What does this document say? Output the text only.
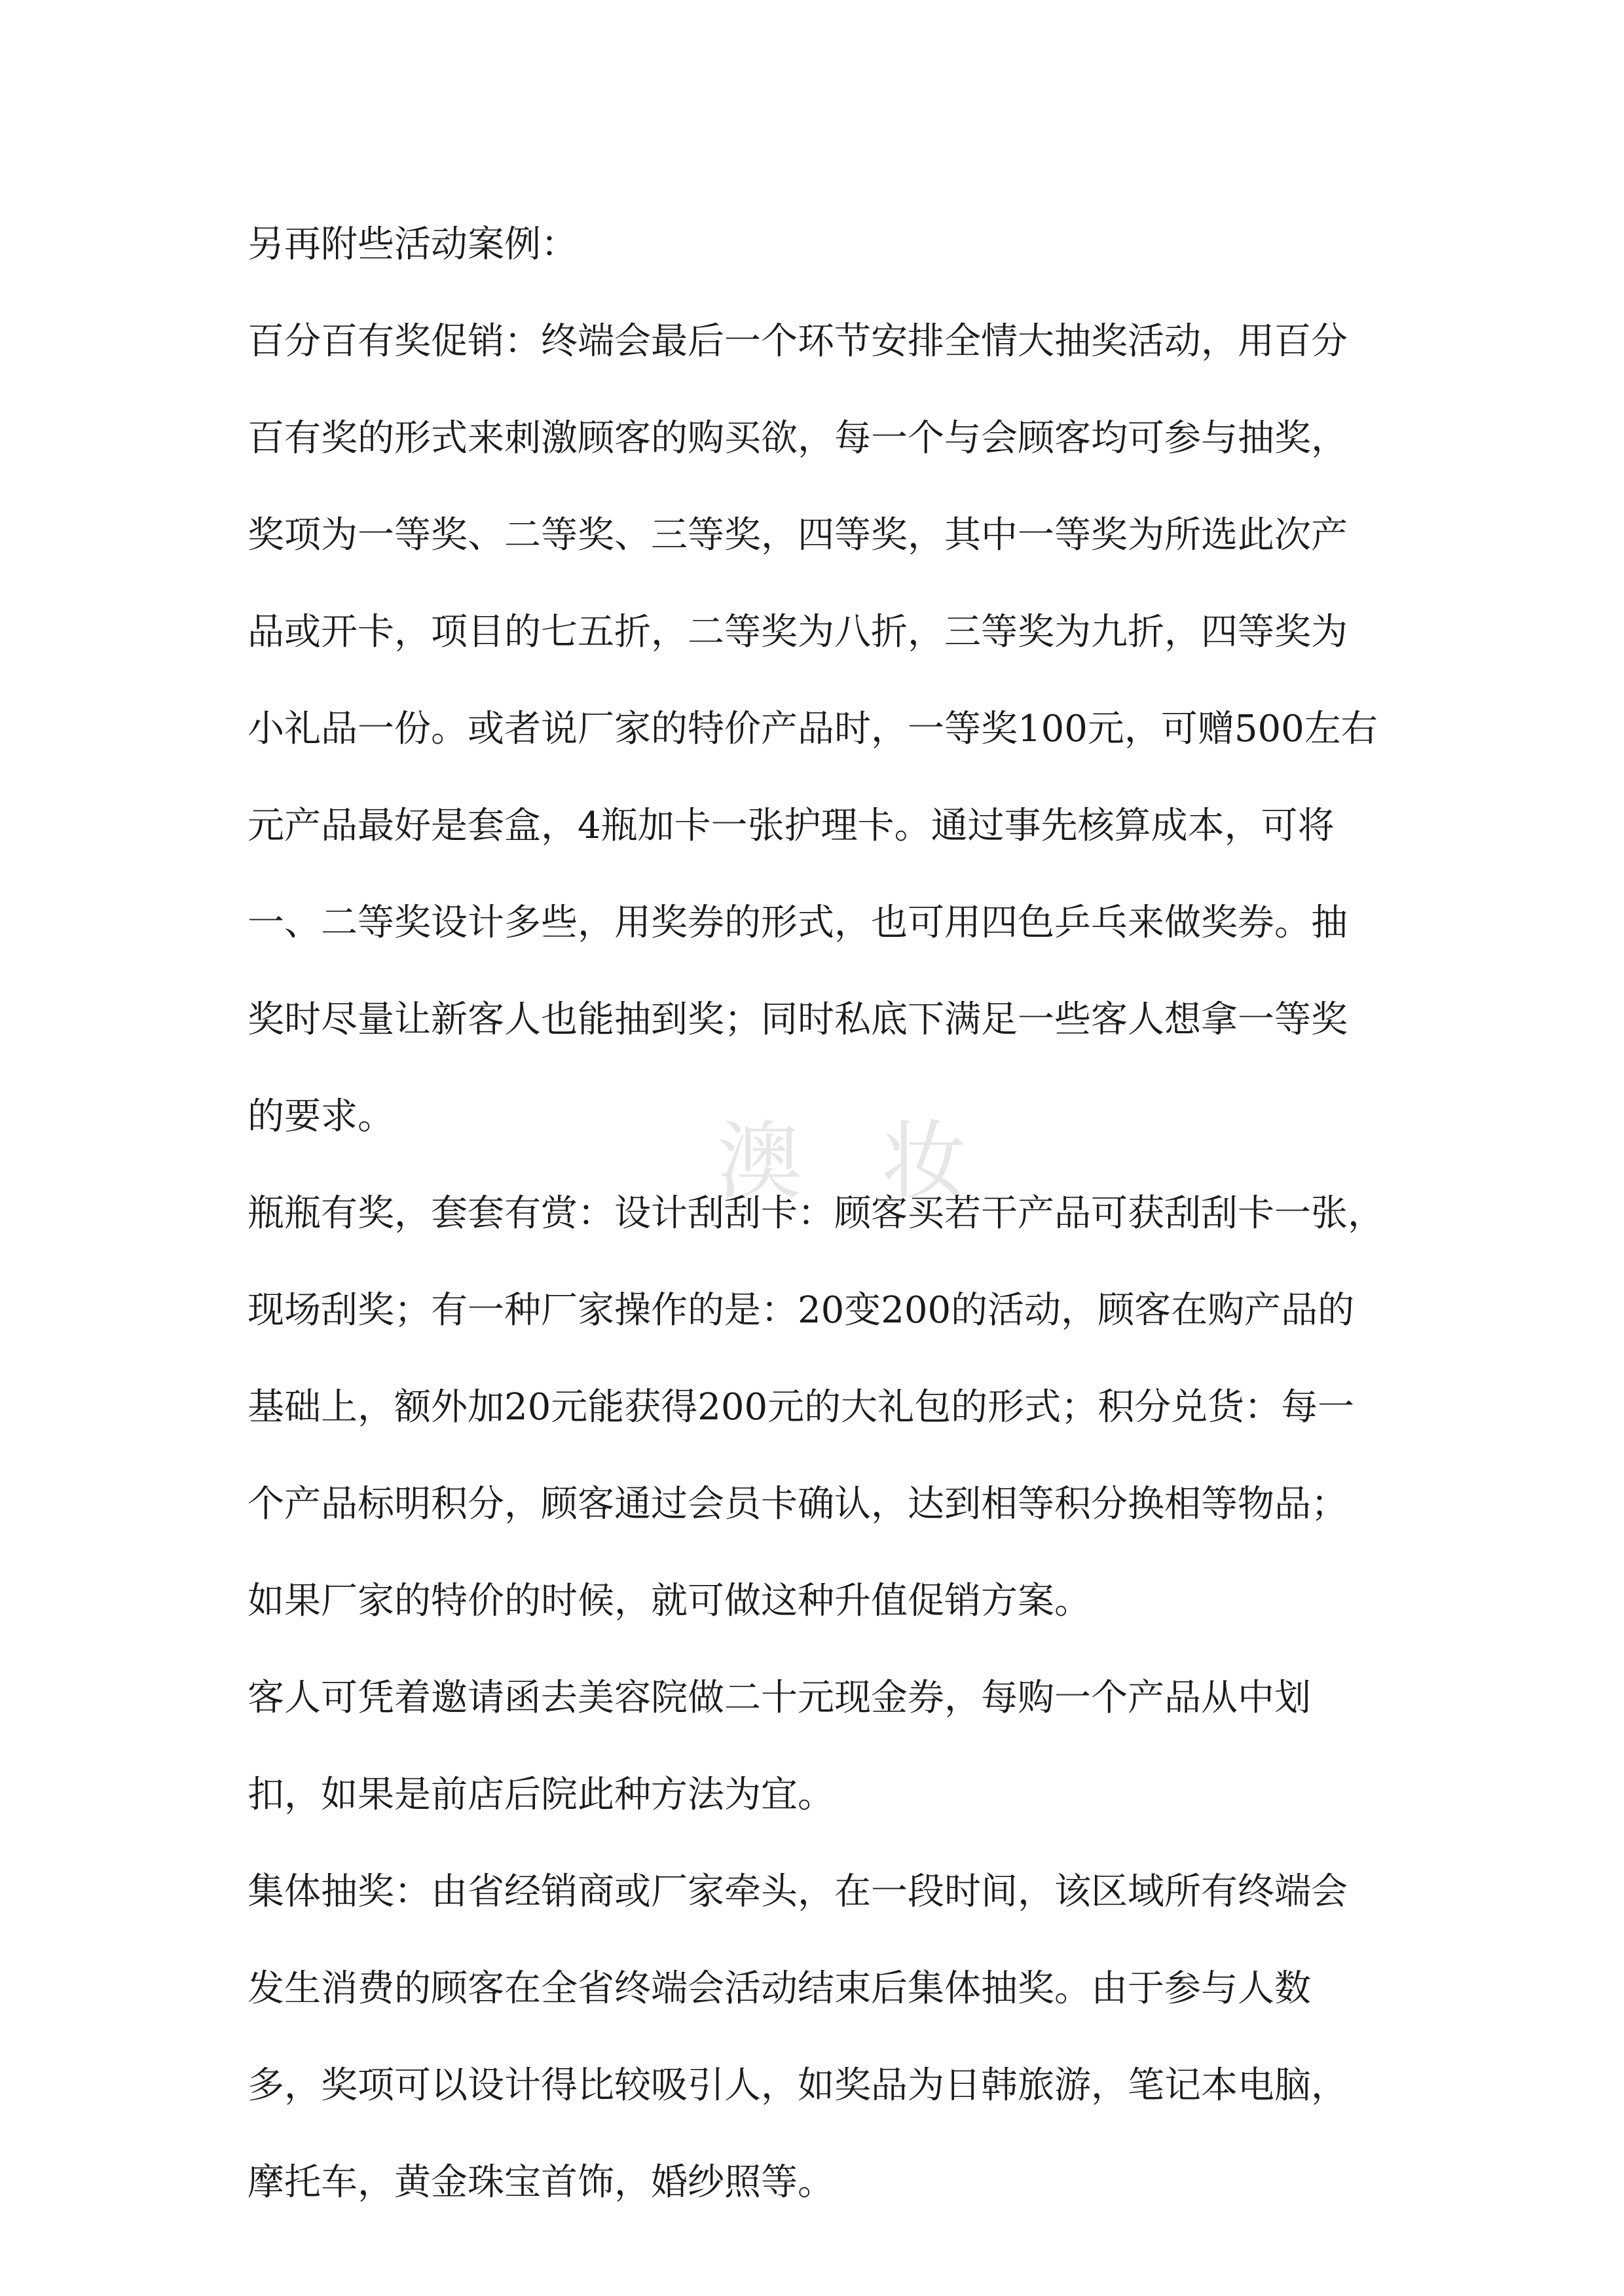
澳 妆
另再附些活动案例：
百分百有奖促销：终端会最后一个环节安排全情大抽奖活动，用百分
百有奖的形式来刺激顾客的购买欲，每一个与会顾客均可参与抽奖，
奖项为一等奖、二等奖、三等奖，四等奖，其中一等奖为所选此次产
品或开卡，项目的七五折，二等奖为八折，三等奖为九折，四等奖为
小礼品一份。或者说厂家的特价产品时，一等奖100元，可赠500左右
元产品最好是套盒，4瓶加卡一张护理卡。通过事先核算成本，可将
一、二等奖设计多些，用奖券的形式，也可用四色乒乓来做奖券。抽
奖时尽量让新客人也能抽到奖；同时私底下满足一些客人想拿一等奖
的要求。
瓶瓶有奖，套套有赏：设计刮刮卡：顾客买若干产品可获刮刮卡一张，
现场刮奖；有一种厂家操作的是：20变200的活动，顾客在购产品的
基础上，额外加20元能获得200元的大礼包的形式；积分兑货：每一
个产品标明积分，顾客通过会员卡确认，达到相等积分换相等物品；
如果厂家的特价的时候，就可做这种升值促销方案。
客人可凭着邀请函去美容院做二十元现金券，每购一个产品从中划
扣，如果是前店后院此种方法为宜。
集体抽奖：由省经销商或厂家牵头，在一段时间，该区域所有终端会
发生消费的顾客在全省终端会活动结束后集体抽奖。由于参与人数
多，奖项可以设计得比较吸引人，如奖品为日韩旅游，笔记本电脑，
摩托车，黄金珠宝首饰，婚纱照等。
